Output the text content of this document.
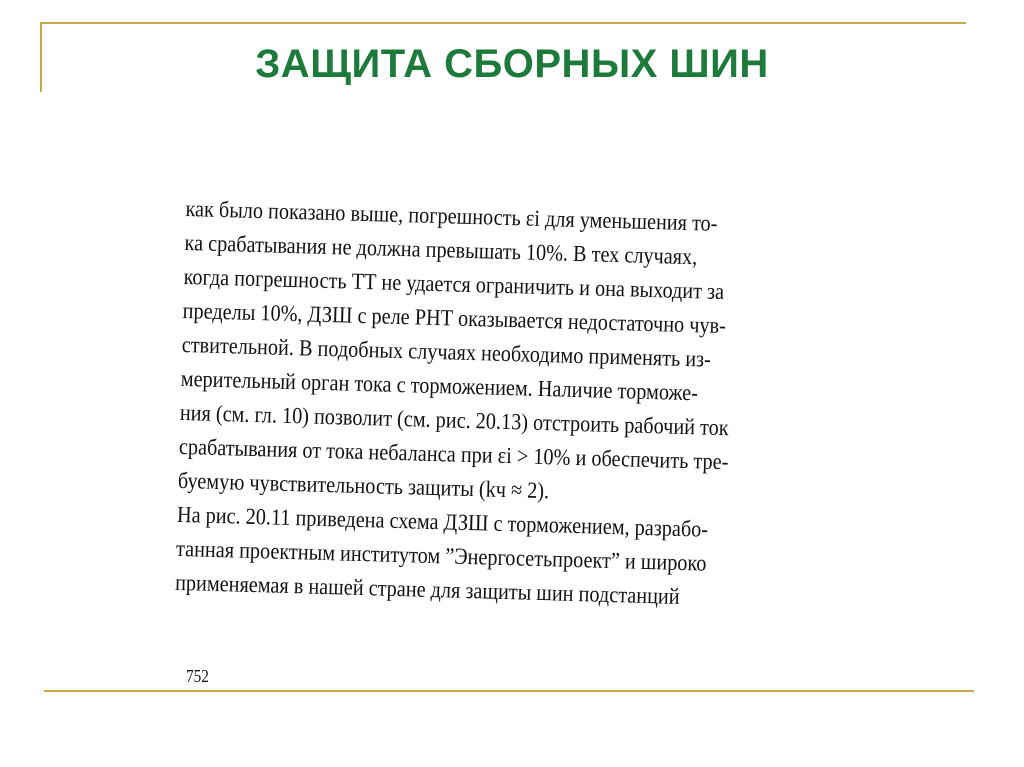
ЗАЩИТА СБОРНЫХ ШИН
как было показано выше, погрешность εi для уменьшения то-
ка срабатывания не должна превышать 10%. В тех случаях,
когда погрешность ТТ не удается ограничить и она выходит за
пределы 10%, ДЗШ с реле РНТ оказывается недостаточно чув-
ствительной. В подобных случаях необходимо применять из-
мерительный орган тока с торможением. Наличие торможе-
ния (см. гл. 10) позволит (см. рис. 20.13) отстроить рабочий ток
срабатывания от тока небаланса при εi > 10% и обеспечить тре-
буемую чувствительность защиты (kч ≈ 2).
На рис. 20.11 приведена схема ДЗШ с торможением, разрабо-
танная проектным институтом ”Энергосетьпроект” и широко
применяемая в нашей стране для защиты шин подстанций
752
